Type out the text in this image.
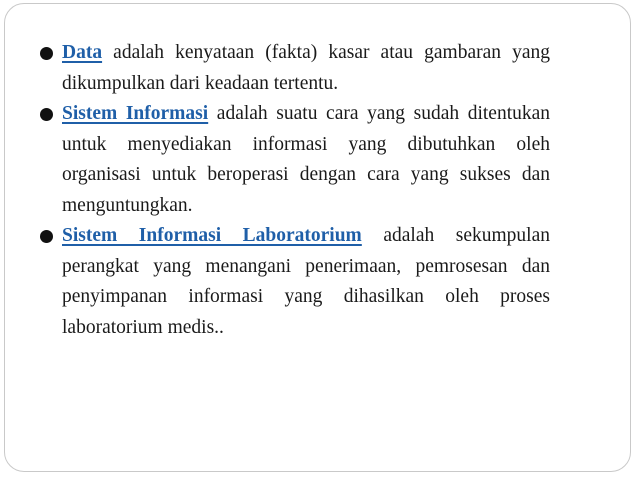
Data adalah kenyataan (fakta) kasar atau gambaran yang dikumpulkan dari keadaan tertentu.

Sistem Informasi adalah suatu cara yang sudah ditentukan untuk menyediakan informasi yang dibutuhkan oleh organisasi untuk beroperasi dengan cara yang sukses dan menguntungkan.

Sistem Informasi Laboratorium adalah sekumpulan perangkat yang menangani penerimaan, pemrosesan dan penyimpanan informasi yang dihasilkan oleh proses laboratorium medis..
